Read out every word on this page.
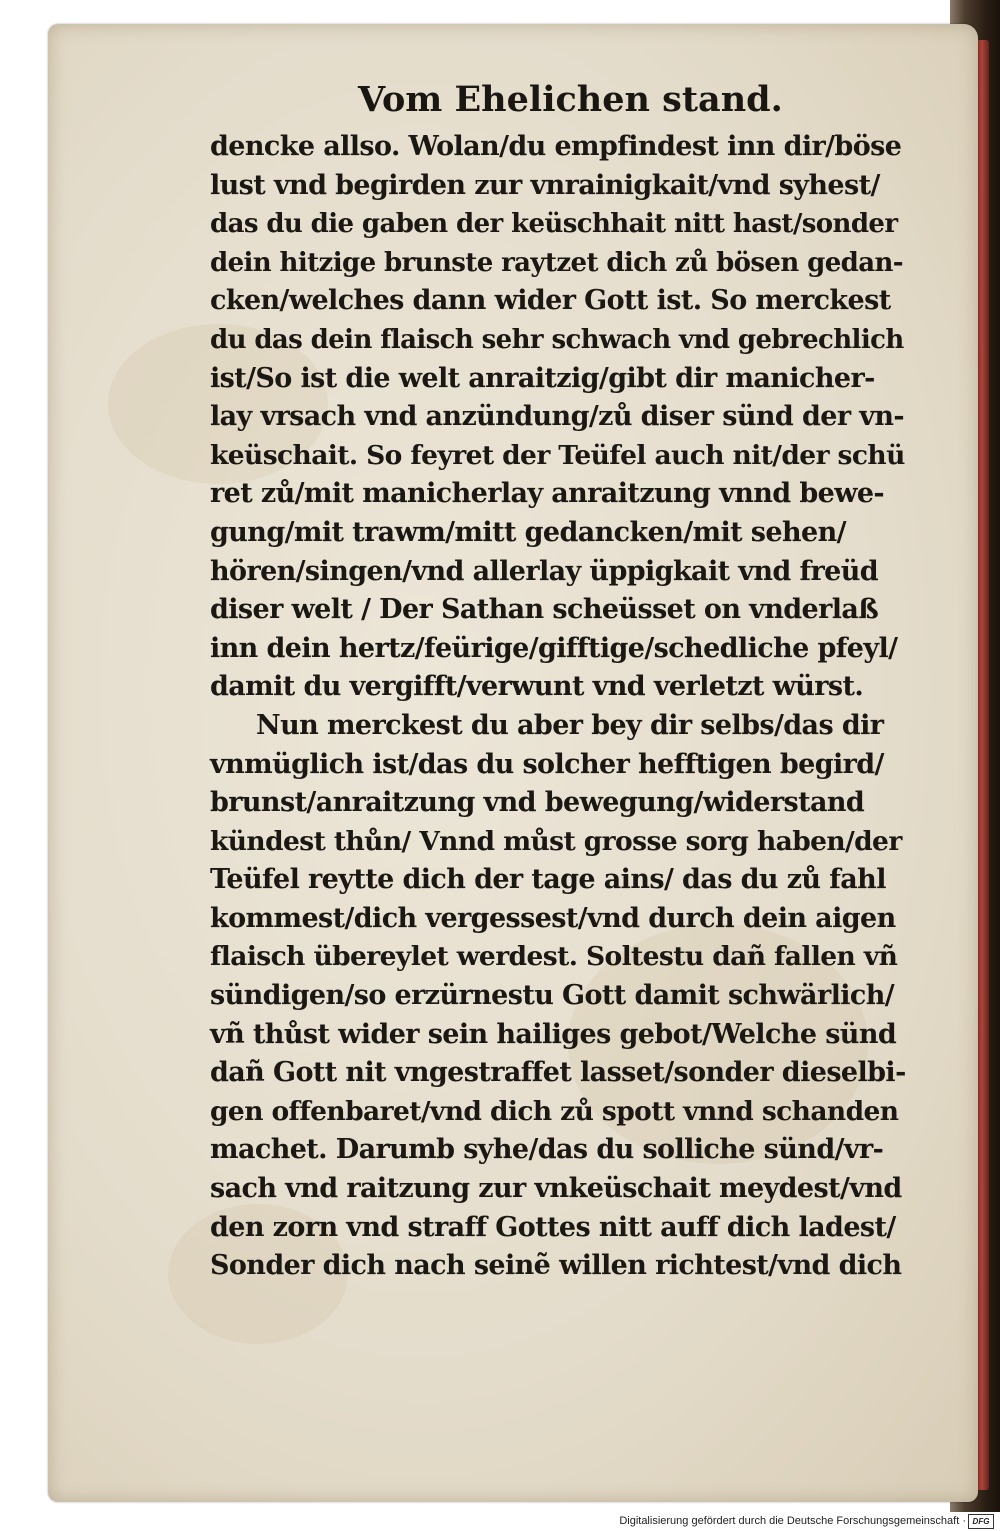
Vom Ehelichen stand.
dencke allso. Wolan/du empfindest inn dir/böse
lust vnd begirden zur vnrainigkait/vnd syhest/
das du die gaben der keüschhait nitt hast/sonder
dein hitzige brunste raytzet dich zů bösen gedan-
cken/welches dann wider Gott ist. So merckest
du das dein flaisch sehr schwach vnd gebrechlich
ist/So ist die welt anraitzig/gibt dir manicher-
lay vrsach vnd anzündung/zů diser sünd der vn-
keüschait. So feyret der Teüfel auch nit/der schü
ret zů/mit manicherlay anraitzung vnnd bewe-
gung/mit trawm/mitt gedancken/mit sehen/
hören/singen/vnd allerlay üppigkait vnd freüd
diser welt / Der Sathan scheüsset on vnderlaß
inn dein hertz/feürige/gifftige/schedliche pfeyl/
damit du vergifft/verwunt vnd verletzt würst.
Nun merckest du aber bey dir selbs/das dir
vnmüglich ist/das du solcher hefftigen begird/
brunst/anraitzung vnd bewegung/widerstand
kündest thůn/ Vnnd můst grosse sorg haben/der
Teüfel reytte dich der tage ains/ das du zů fahl
kommest/dich vergessest/vnd durch dein aigen
flaisch übereylet werdest. Soltestu dañ fallen vñ
sündigen/so erzürnestu Gott damit schwärlich/
vñ thůst wider sein hailiges gebot/Welche sünd
dañ Gott nit vngestraffet lasset/sonder dieselbi-
gen offenbaret/vnd dich zů spott vnnd schanden
machet. Darumb syhe/das du solliche sünd/vr-
sach vnd raitzung zur vnkeüschait meydest/vnd
den zorn vnd straff Gottes nitt auff dich ladest/
Sonder dich nach seinẽ willen richtest/vnd dich
Digitalisierung gefördert durch die Deutsche Forschungsgemeinschaft · DFG
